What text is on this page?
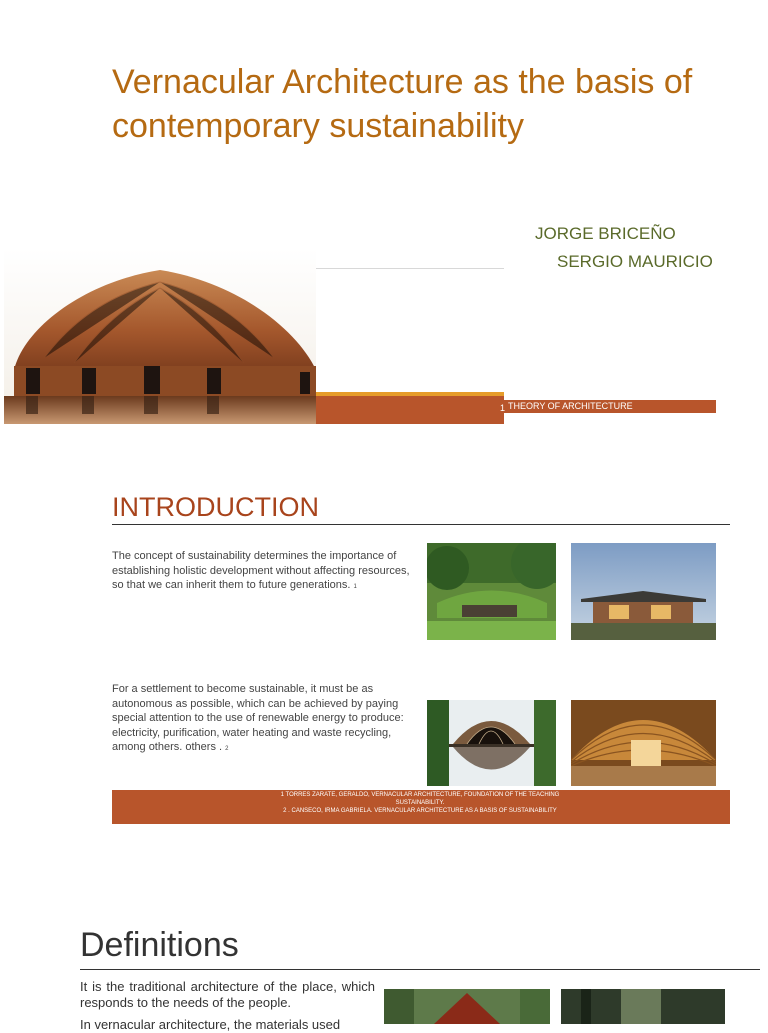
Vernacular Architecture as the basis of contemporary sustainability
JORGE BRICEÑO
SERGIO MAURICIO
1 THEORY OF ARCHITECTURE
INTRODUCTION
The concept of sustainability determines the importance of establishing holistic development without affecting resources, so that we can inherit them to future generations. 1
For a settlement to become sustainable, it must be as autonomous as possible, which can be achieved by paying special attention to the use of renewable energy to produce: electricity, purification, water heating and waste recycling, among others. others . 2
1 TORRES ZARATE, GERALDO, VERNACULAR ARCHITECTURE, FOUNDATION OF THE TEACHING SUSTAINABILITY.
2 . CANSECO, IRMA GABRIELA. VERNACULAR ARCHITECTURE AS A BASIS OF SUSTAINABILITY
Definitions
It is the traditional architecture of the place, which responds to the needs of the people.
In vernacular architecture, the materials used
